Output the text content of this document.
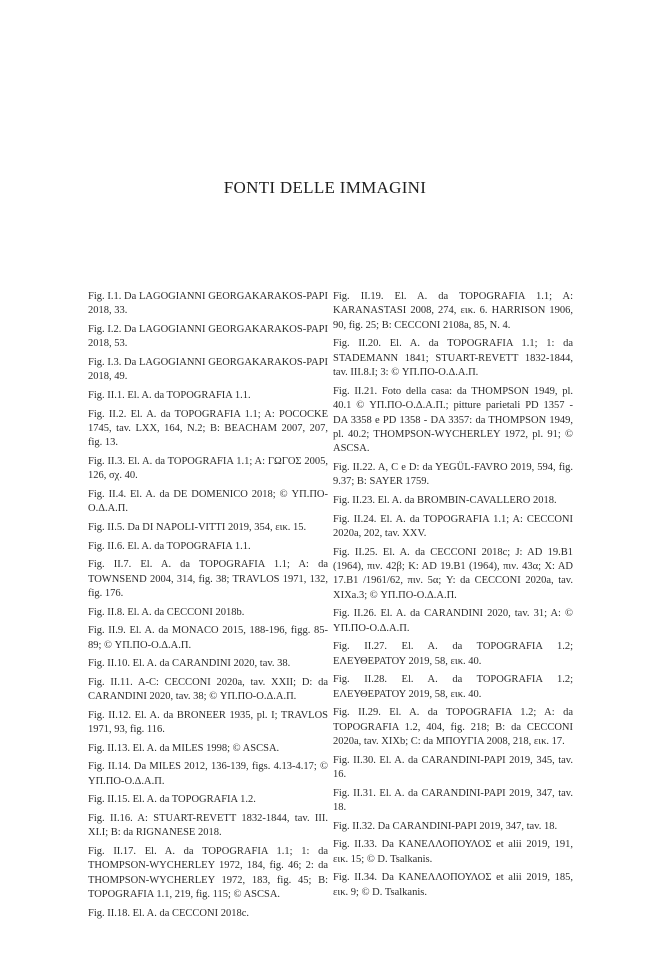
FONTI DELLE IMMAGINI

Fig. I.1. Da LAGOGIANNI GEORGAKARAKOS-PAPI 2018, 33.

Fig. I.2. Da LAGOGIANNI GEORGAKARAKOS-PAPI 2018, 53.

Fig. I.3. Da LAGOGIANNI GEORGAKARAKOS-PAPI 2018, 49.

Fig. II.1. El. A. da TOPOGRAFIA 1.1.

Fig. II.2. El. A. da TOPOGRAFIA 1.1; A: POCOCKE 1745, tav. LXX, 164, N.2; B: BEACHAM 2007, 207, fig. 13.

Fig. II.3. El. A. da TOPOGRAFIA 1.1; A: ΓΩΓΟΣ 2005, 126, σχ. 40.

Fig. II.4. El. A. da DE DOMENICO 2018; © ΥΠ.ΠΟ-Ο.Δ.Α.Π.

Fig. II.5. Da DI NAPOLI-VITTI 2019, 354, εικ. 15.

Fig. II.6. El. A. da TOPOGRAFIA 1.1.

Fig. II.7. El. A. da TOPOGRAFIA 1.1; A: da TOWNSEND 2004, 314, fig. 38; TRAVLOS 1971, 132, fig. 176.

Fig. II.8. El. A. da CECCONI 2018b.

Fig. II.9. El. A. da MONACO 2015, 188-196, figg. 85-89; © ΥΠ.ΠΟ-Ο.Δ.Α.Π.

Fig. II.10. El. A. da CARANDINI 2020, tav. 38.

Fig. II.11. A-C: CECCONI 2020a, tav. XXII; D: da CARANDINI 2020, tav. 38; © ΥΠ.ΠΟ-Ο.Δ.Α.Π.

Fig. II.12. El. A. da BRONEER 1935, pl. I; TRAVLOS 1971, 93, fig. 116.

Fig. II.13. El. A. da MILES 1998; © ASCSA.

Fig. II.14. Da MILES 2012, 136-139, figs. 4.13-4.17; © ΥΠ.ΠΟ-Ο.Δ.Α.Π.

Fig. II.15. El. A. da TOPOGRAFIA 1.2.

Fig. II.16. A: STUART-REVETT 1832-1844, tav. III. XI.I; B: da RIGNANESE 2018.

Fig. II.17. El. A. da TOPOGRAFIA 1.1; 1: da THOMPSON-WYCHERLEY 1972, 184, fig. 46; 2: da THOMPSON-WYCHERLEY 1972, 183, fig. 45; B: TOPOGRAFIA 1.1, 219, fig. 115; © ASCSA.

Fig. II.18. El. A. da CECCONI 2018c.

Fig. II.19. El. A. da TOPOGRAFIA 1.1; A: KARANASTASI 2008, 274, εικ. 6. HARRISON 1906, 90, fig. 25; B: CECCONI 2108a, 85, N. 4.

Fig. II.20. El. A. da TOPOGRAFIA 1.1; 1: da STADEMANN 1841; STUART-REVETT 1832-1844, tav. III.8.I; 3: © ΥΠ.ΠΟ-Ο.Δ.Α.Π.

Fig. II.21. Foto della casa: da THOMPSON 1949, pl. 40.1 © ΥΠ.ΠΟ-Ο.Δ.Α.Π.; pitture parietali PD 1357 - DA 3358 e PD 1358 - DA 3357: da THOMPSON 1949, pl. 40.2; THOMPSON-WYCHERLEY 1972, pl. 91; © ASCSA.

Fig. II.22. A, C e D: da YEGÜL-FAVRO 2019, 594, fig. 9.37; B: SAYER 1759.

Fig. II.23. El. A. da BROMBIN-CAVALLERO 2018.

Fig. II.24. El. A. da TOPOGRAFIA 1.1; A: CECCONI 2020a, 202, tav. XXV.

Fig. II.25. El. A. da CECCONI 2018c; J: AD 19.B1 (1964), πιν. 42β; K: AD 19.B1 (1964), πιν. 43α; X: AD 17.B1 /1961/62, πιν. 5α; Y: da CECCONI 2020a, tav. XIXa.3; © ΥΠ.ΠΟ-Ο.Δ.Α.Π.

Fig. II.26. El. A. da CARANDINI 2020, tav. 31; A: © ΥΠ.ΠΟ-Ο.Δ.Α.Π.

Fig. II.27. El. A. da TOPOGRAFIA 1.2; ΕΛΕΥΘΕΡΑΤΟΥ 2019, 58, εικ. 40.

Fig. II.28. El. A. da TOPOGRAFIA 1.2; ΕΛΕΥΘΕΡΑΤΟΥ 2019, 58, εικ. 40.

Fig. II.29. El. A. da TOPOGRAFIA 1.2; A: da TOPOGRAFIA 1.2, 404, fig. 218; B: da CECCONI 2020a, tav. XIXb; C: da ΜΠΟΥΓΙΑ 2008, 218, εικ. 17.

Fig. II.30. El. A. da CARANDINI-PAPI 2019, 345, tav. 16.

Fig. II.31. El. A. da CARANDINI-PAPI 2019, 347, tav. 18.

Fig. II.32. Da CARANDINI-PAPI 2019, 347, tav. 18.

Fig. II.33. Da ΚΑΝΕΛΛΟΠΟΥΛΟΣ et alii 2019, 191, εικ. 15; © D. Tsalkanis.

Fig. II.34. Da ΚΑΝΕΛΛΟΠΟΥΛΟΣ et alii 2019, 185, εικ. 9; © D. Tsalkanis.
